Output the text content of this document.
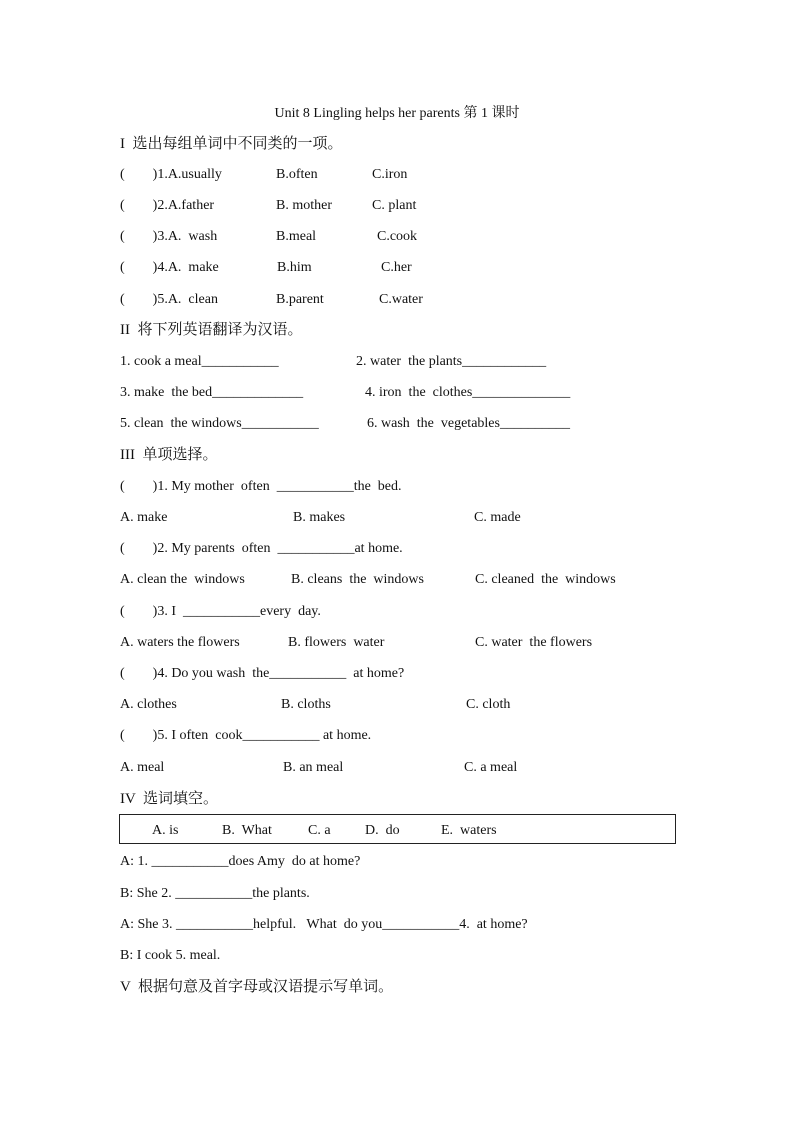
Unit 8 Lingling helps her parents 第 1 课时
I  选出每组单词中不同类的一项。
(        )1.A.usually	B.often	C.iron
(        )2.A.father	B. mother	C. plant
(        )3.A.  wash	B.meal	C.cook
(        )4.A.  make	B.him	C.her
(        )5.A.  clean	B.parent	C.water
II  将下列英语翻译为汉语。
1. cook a meal___________	2. water  the plants____________
3. make  the bed_____________	4. iron  the  clothes______________
5. clean  the windows___________	6. wash  the  vegetables__________
III  单项选择。
(        )1. My mother  often  ___________the  bed.
A. make	B. makes	C. made
(        )2. My parents  often  ___________at home.
A. clean the  windows	B. cleans  the  windows	C. cleaned  the  windows
(        )3. I  ___________every  day.
A. waters the flowers	B. flowers  water	C. water  the flowers
(        )4. Do you wash  the___________  at home?
A. clothes	B. cloths	C. cloth
(        )5. I often  cook___________ at home.
A. meal	B. an meal	C. a meal
IV  选词填空。
A. is	B.  What	C. a D.  do	E.  waters
A: 1. ___________does Amy  do at home?
B: She 2. ___________the plants.
A: She 3. ___________helpful.   What  do you___________4.  at home?
B: I cook 5. meal.
V  根据句意及首字母或汉语提示写单词。
